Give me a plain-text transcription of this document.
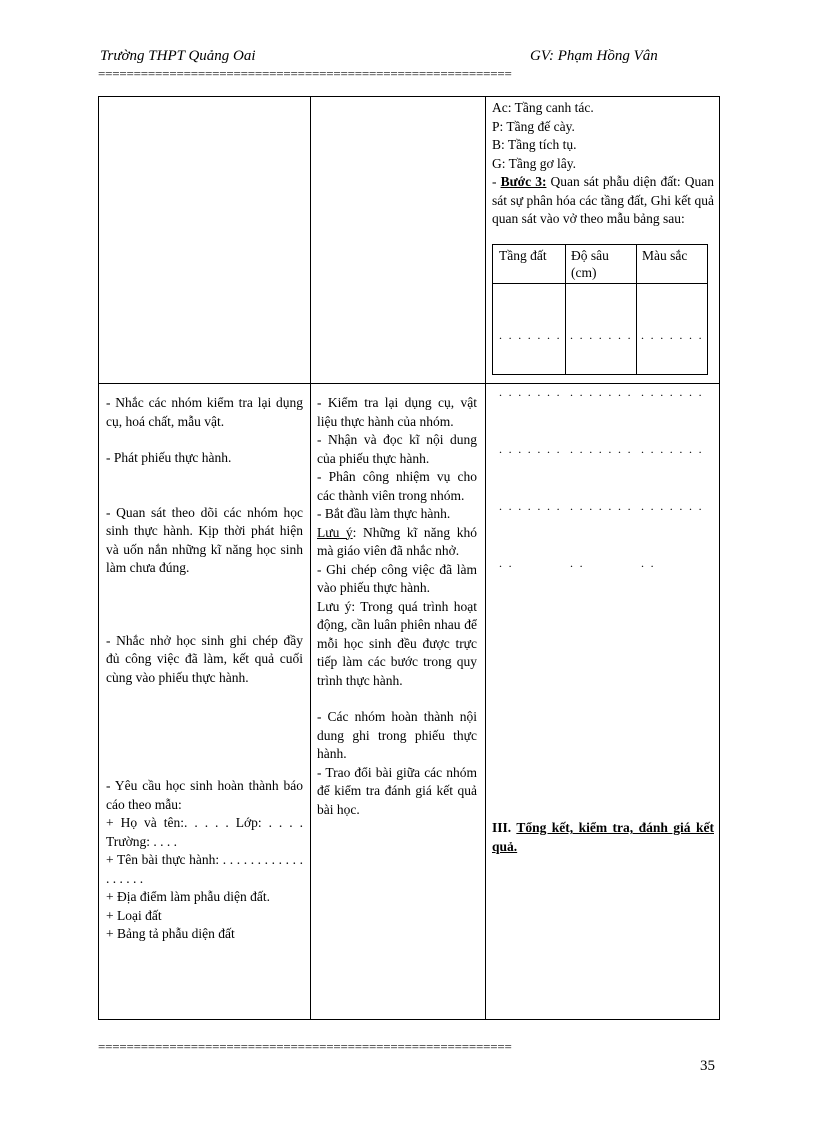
Trường THPT Quảng Oai	GV: Phạm Hồng Vân
==========================================================

Ac: Tầng canh tác.

P: Tầng đế cày.

B: Tầng tích tụ.

G: Tầng gơ lây.

- Bước 3: Quan sát phẫu diện đất: Quan sát sự phân hóa các tầng đất, Ghi kết quả quan sát vào vở theo mẫu bảng sau:

Tầng đất	Độ sâu (cm)
Màu sắc

. . . . . . .

. . . . . . .

. . . . . . .

. . . . . . .

. .

. . . . . . .

. . . . . . .

. . . . . . .

. . . . . . .

. .

. . . . . . .

. . . . . . .

. . . . . . .

. . . . . . .

. .

- Nhắc các nhóm kiểm tra lại dụng cụ, hoá chất, mẫu vật.

- Phát phiếu thực hành.

- Quan sát theo dõi các nhóm học sinh thực hành. Kịp thời phát hiện và uốn nắn những kĩ năng học sinh làm chưa đúng.

- Nhắc nhở học sinh ghi chép đầy đủ công việc đã làm, kết quả cuối cùng vào phiếu thực hành.

- Yêu cầu học sinh hoàn thành báo cáo theo mẫu:

+ Họ và tên:. . . . . Lớp: . . . . Trường: . . . .

+ Tên bài thực hành: . . . . . . . . . . . . . . . . . .

+ Địa điểm làm phẫu diện đất.

+ Loại đất

+ Bảng tả phẫu diện đất

- Kiểm tra lại dụng cụ, vật liệu thực hành của nhóm.

- Nhận và đọc kĩ nội dung của phiếu thực hành.

- Phân công nhiệm vụ cho các thành viên trong nhóm.

- Bắt đầu làm thực hành.

Lưu ý: Những kĩ năng khó mà giáo viên đã nhắc nhở.

- Ghi chép công việc đã làm vào phiếu thực hành.

Lưu ý: Trong quá trình hoạt động, cần luân phiên nhau để mỗi học sinh đều được trực tiếp làm các bước trong quy trình thực hành.

- Các nhóm hoàn thành nội dung ghi trong phiếu thực hành.

- Trao đổi bài giữa các nhóm để kiểm tra đánh giá kết quả bài học.

III. Tổng kết, kiểm tra, đánh giá kết quả.

==========================================================
35
